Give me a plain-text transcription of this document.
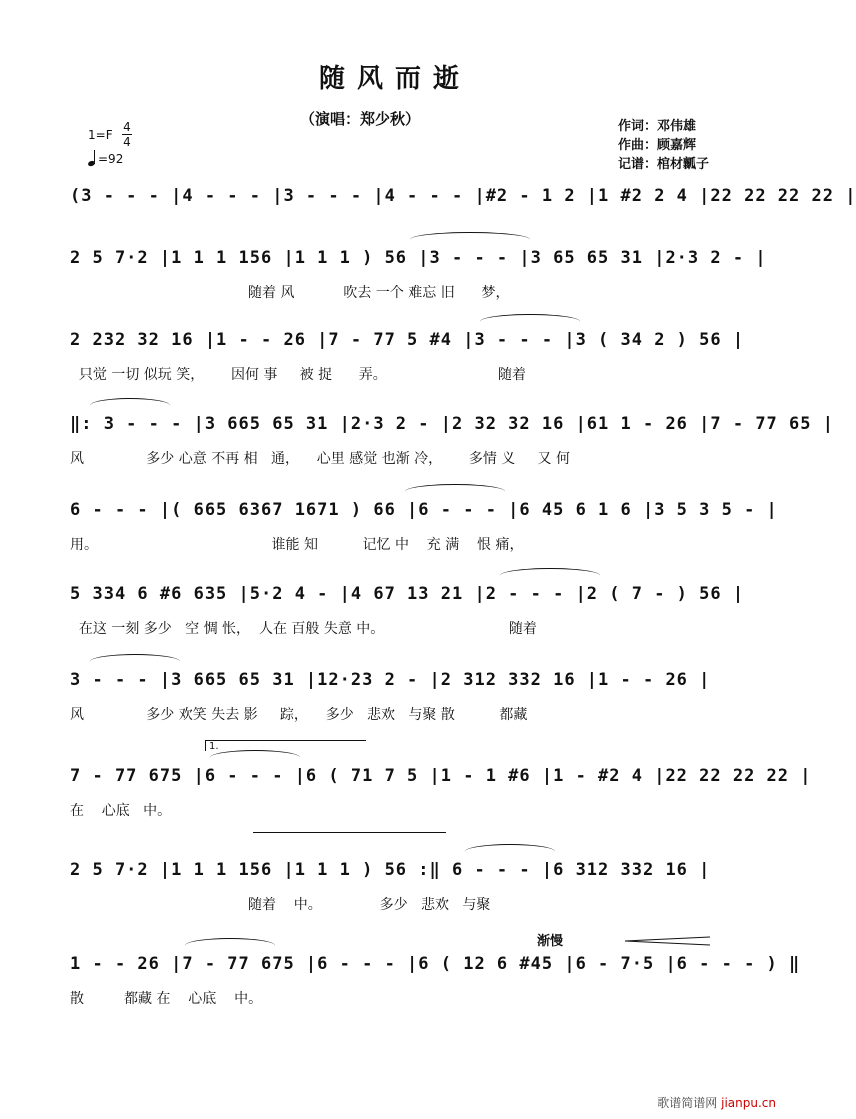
随风而逝
（演唱：郑少秋）	作词：邓伟雄
作曲：顾嘉辉
记谱：棺材瓤子
1=F
4
4
=92
(3 - - - |4 - - - |3 - - - |4 - - - |#2 - 1 2 |1 #2 2 4 |22 22 22 22 |
2 5 7·2 |1 1 1 156 |1 1 1 ) 56 |3 - - - |3 65 65 31 |2·3 2 - |
随着 风           吹去 一个 难忘 旧      梦，
2 232 32 16 |1 - - 26 |7 - 77 5 #4 |3 - - - |3 ( 34 2 ) 56 |
只觉 一切 似玩 笑，      因何 事     被 捉      弄。                         随着
‖: 3 - - - |3 665 65 31 |2·3 2 - |2 32 32 16 |61 1 - 26 |7 - 77 65 |
风              多少 心意 不再 相   通，    心里 感觉 也渐 冷，      多情 义     又 何
6 - - - |( 665 6367 1671 ) 66 |6 - - - |6 45 6 1 6 |3 5 3 5 - |
用。                                       谁能 知          记忆 中    充 满    恨 痛，
5 334 6 #6 635 |5·2 4 - |4 67 13 21 |2 - - - |2 ( 7 - ) 56 |
在这 一刻 多少   空 惆 怅，  人在 百般 失意 中。                            随着
3 - - - |3 665 65 31 |12·23 2 - |2 312 332 16 |1 - - 26 |
风              多少 欢笑 失去 影     踪，    多少   悲欢   与聚 散          都藏
1.
7 - 77 675 |6 - - - |6 ( 71 7 5 |1 - 1 #6 |1 - #2 4 |22 22 22 22 |
在    心底   中。
2 5 7·2 |1 1 1 156 |1 1 1 ) 56 :‖ 6 - - - |6 312 332 16 |
随着    中。             多少   悲欢   与聚
渐慢
1 - - 26 |7 - 77 675 |6 - - - |6 ( 12 6 #45 |6 - 7·5 |6 - - - ) ‖
散         都藏 在    心底    中。
歌谱简谱网 jianpu.cn
